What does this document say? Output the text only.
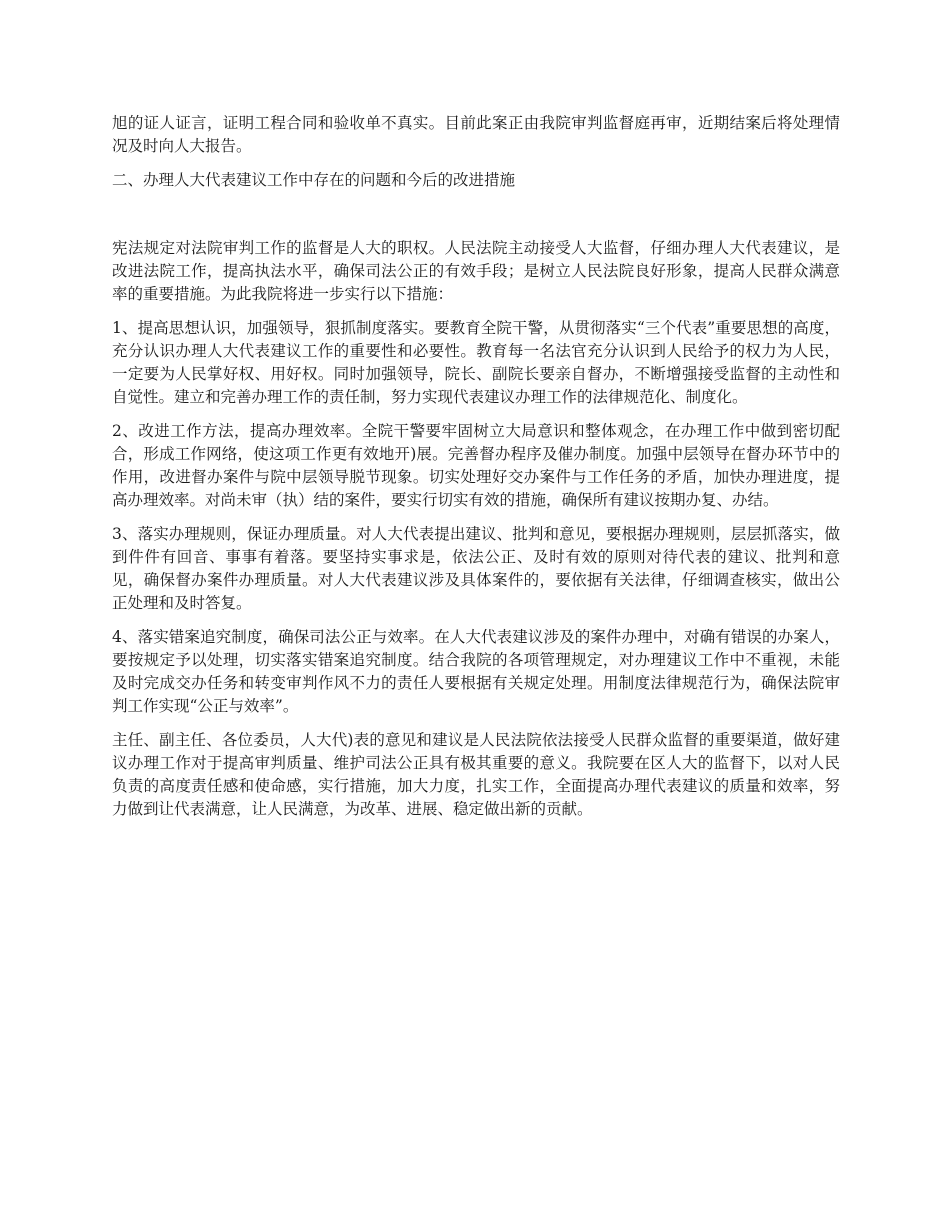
旭的证人证言，证明工程合同和验收单不真实。目前此案正由我院审判监督庭再审，近期结案后将处理情况及时向人大报告。

二、办理人大代表建议工作中存在的问题和今后的改进措施

宪法规定对法院审判工作的监督是人大的职权。人民法院主动接受人大监督，仔细办理人大代表建议，是改进法院工作，提高执法水平，确保司法公正的有效手段；是树立人民法院良好形象，提高人民群众满意率的重要措施。为此我院将进一步实行以下措施：

1、提高思想认识，加强领导，狠抓制度落实。要教育全院干警，从贯彻落实“三个代表”重要思想的高度，充分认识办理人大代表建议工作的重要性和必要性。教育每一名法官充分认识到人民给予的权力为人民，一定要为人民掌好权、用好权。同时加强领导，院长、副院长要亲自督办，不断增强接受监督的主动性和自觉性。建立和完善办理工作的责任制，努力实现代表建议办理工作的法律规范化、制度化。

2、改进工作方法，提高办理效率。全院干警要牢固树立大局意识和整体观念，在办理工作中做到密切配合，形成工作网络，使这项工作更有效地开)展。完善督办程序及催办制度。加强中层领导在督办环节中的作用，改进督办案件与院中层领导脱节现象。切实处理好交办案件与工作任务的矛盾，加快办理进度，提高办理效率。对尚未审（执）结的案件，要实行切实有效的措施，确保所有建议按期办复、办结。

3、落实办理规则，保证办理质量。对人大代表提出建议、批判和意见，要根据办理规则，层层抓落实，做到件件有回音、事事有着落。要坚持实事求是，依法公正、及时有效的原则对待代表的建议、批判和意见，确保督办案件办理质量。对人大代表建议涉及具体案件的，要依据有关法律，仔细调查核实，做出公正处理和及时答复。

4、落实错案追究制度，确保司法公正与效率。在人大代表建议涉及的案件办理中，对确有错误的办案人，要按规定予以处理，切实落实错案追究制度。结合我院的各项管理规定，对办理建议工作中不重视，未能及时完成交办任务和转变审判作风不力的责任人要根据有关规定处理。用制度法律规范行为，确保法院审判工作实现“公正与效率”。

主任、副主任、各位委员，人大代)表的意见和建议是人民法院依法接受人民群众监督的重要渠道，做好建议办理工作对于提高审判质量、维护司法公正具有极其重要的意义。我院要在区人大的监督下，以对人民负责的高度责任感和使命感，实行措施，加大力度，扎实工作，全面提高办理代表建议的质量和效率，努力做到让代表满意，让人民满意，为改革、进展、稳定做出新的贡献。
